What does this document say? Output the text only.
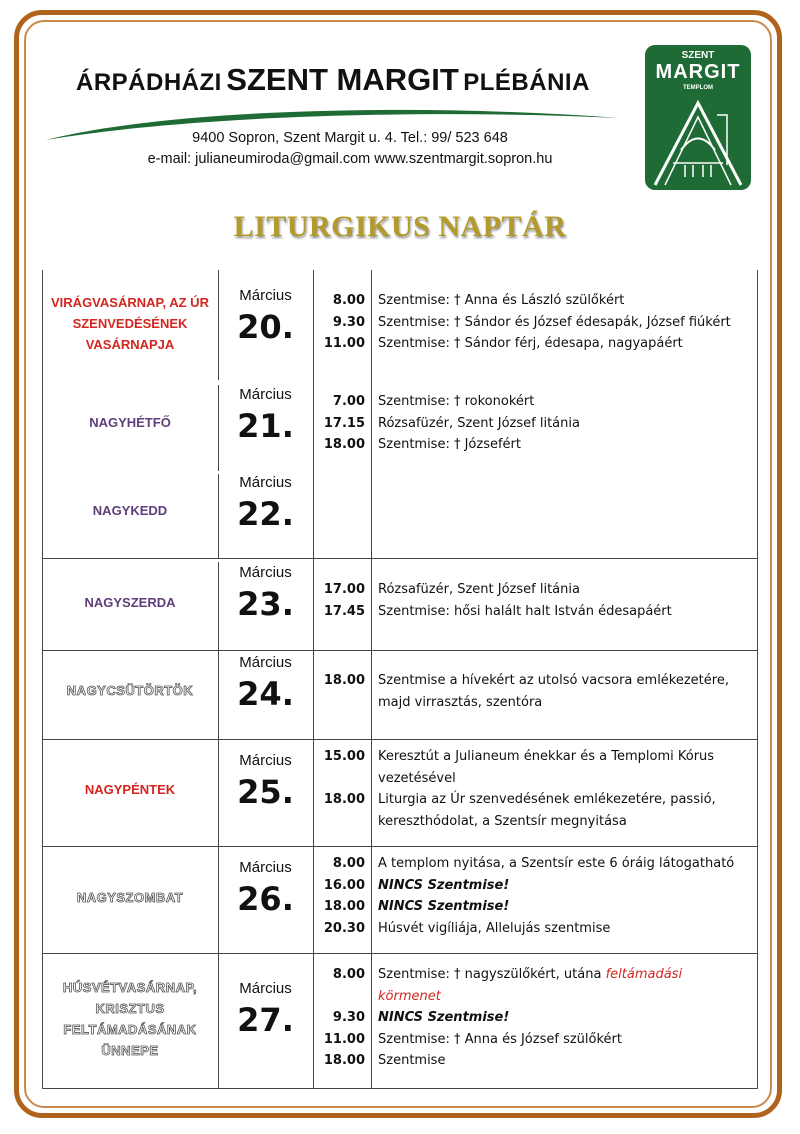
ÁRPÁDHÁZI SZENT MARGIT PLÉBÁNIA
9400 Sopron, Szent Margit u. 4. Tel.: 99/ 523 648
e-mail: julianeumiroda@gmail.com www.szentmargit.sopron.hu
SZENT
MARGIT
TEMPLOM
LITURGIKUS NAPTÁR
VIRÁGVASÁRNAP, AZ ÚR
SZENVEDÉSÉNEK
VASÁRNAPJA
Március
20.
8.00
9.30
11.00
Szentmise: † Anna és László szülőkért
Szentmise: † Sándor és József édesapák, József fiúkért
Szentmise: † Sándor férj, édesapa, nagyapáért
NAGYHÉTFŐ
Március
21.
7.00
17.15
18.00
Szentmise: † rokonokért
Rózsafüzér, Szent József litánia
Szentmise: † Józsefért
NAGYKEDD
Március
22.
NAGYSZERDA
Március
23.	17.00
17.45
Rózsafüzér, Szent József litánia
Szentmise: hősi halált halt István édesapáért
NAGYCSÜTÖRTÖK
Március
24.	18.00 Szentmise a hívekért az utolsó vacsora emlékezetére,
majd virrasztás, szentóra
NAGYPÉNTEK
Március
25.
15.00

18.00
Keresztút a Julianeum énekkar és a Templomi Kórus
vezetésével
Liturgia az Úr szenvedésének emlékezetére, passió,
kereszthódolat, a Szentsír megnyitása
NAGYSZOMBAT
Március
26.
8.00
16.00
18.00
20.30
A templom nyitása, a Szentsír este 6 óráig látogatható
NINCS Szentmise!
NINCS Szentmise!
Húsvét vigíliája, Allelujás szentmise
HÚSVÉTVASÁRNAP,
KRISZTUS
FELTÁMADÁSÁNAK
ÜNNEPE
Március
27.
8.00

9.30
11.00
18.00
Szentmise: † nagyszülőkért, utána feltámadási
körmenet
NINCS Szentmise!
Szentmise: † Anna és József szülőkért
Szentmise
